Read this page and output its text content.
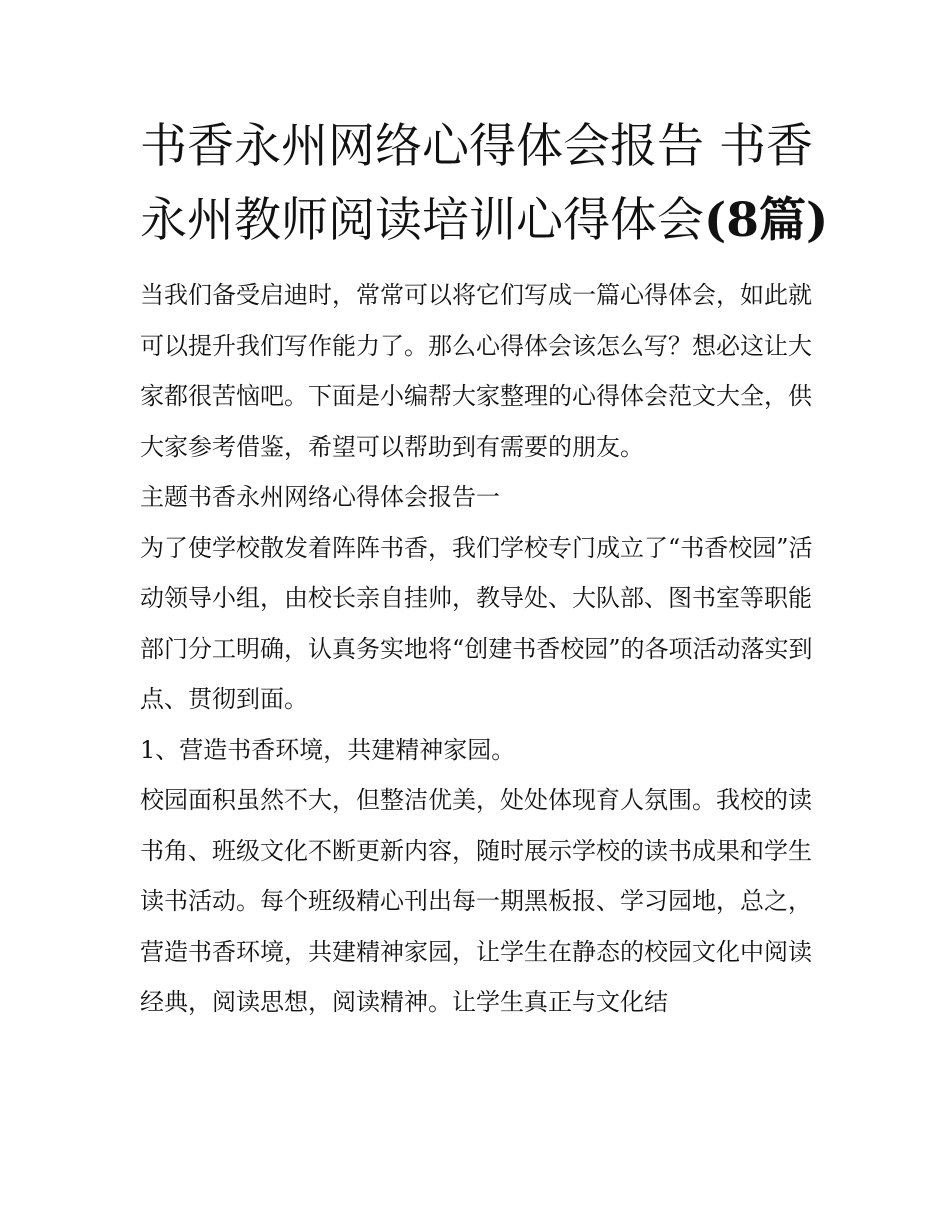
书香永州网络心得体会报告 书香永州教师阅读培训心得体会(8篇)

当我们备受启迪时，常常可以将它们写成一篇心得体会，如此就可以提升我们写作能力了。那么心得体会该怎么写？想必这让大家都很苦恼吧。下面是小编帮大家整理的心得体会范文大全，供大家参考借鉴，希望可以帮助到有需要的朋友。

主题书香永州网络心得体会报告一

为了使学校散发着阵阵书香，我们学校专门成立了“书香校园”活动领导小组，由校长亲自挂帅，教导处、大队部、图书室等职能部门分工明确，认真务实地将“创建书香校园”的各项活动落实到点、贯彻到面。

1、营造书香环境，共建精神家园。

校园面积虽然不大，但整洁优美，处处体现育人氛围。我校的读书角、班级文化不断更新内容，随时展示学校的读书成果和学生读书活动。每个班级精心刊出每一期黑板报、学习园地，总之，营造书香环境，共建精神家园，让学生在静态的校园文化中阅读经典，阅读思想，阅读精神。让学生真正与文化结
